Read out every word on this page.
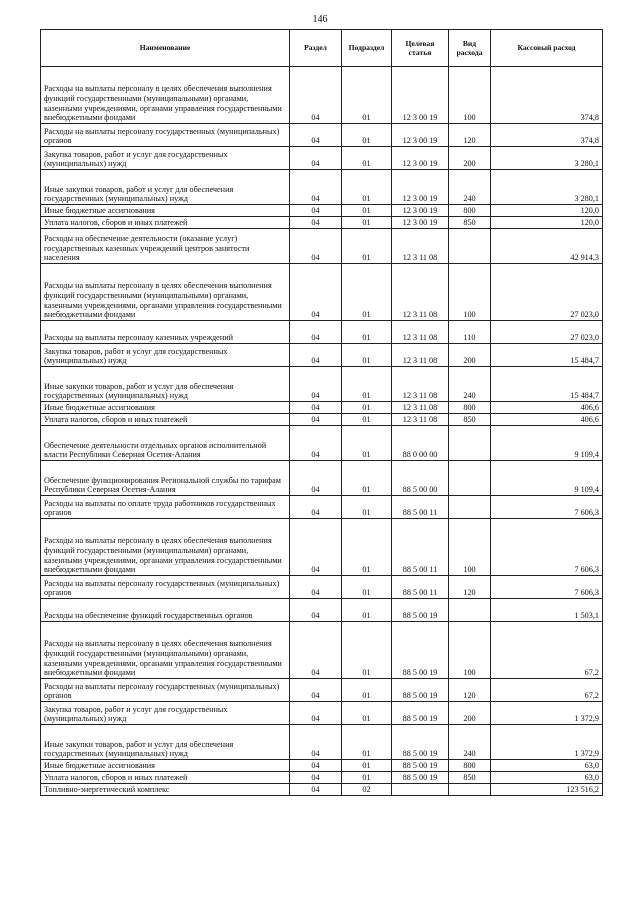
146
Наименование	Раздел	Подраздел	Целевая статья	Вид расхода	Кассовый расход
Расходы на выплаты персоналу в целях обеспечения выполнения функций государственными (муниципальными) органами, казенными учреждениями, органами управления государственными внебюджетными фондами	04	01	12 3 00 19	100	374,8
Расходы на выплаты персоналу государственных (муниципальных) органов	04	01	12 3 00 19	120	374,8
Закупка товаров, работ и услуг для государственных (муниципальных) нужд	04	01	12 3 00 19	200	3 280,1
Иные закупки товаров, работ и услуг для обеспечения государственных (муниципальных) нужд	04	01	12 3 00 19	240	3 280,1
Иные бюджетные ассигнования	04	01	12 3 00 19	800	120,0
Уплата налогов, сборов и иных платежей	04	01	12 3 00 19	850	120,0
Расходы на обеспечение деятельности (оказание услуг) государственных казенных учреждений центров занятости населения	04	01	12 3 11 08		42 914,3
Расходы на выплаты персоналу в целях обеспечения выполнения функций государственными (муниципальными) органами, казенными учреждениями, органами управления государственными внебюджетными фондами	04	01	12 3 11 08	100	27 023,0
Расходы на выплаты персоналу казенных учреждений	04	01	12 3 11 08	110	27 023,0
Закупка товаров, работ и услуг для государственных (муниципальных) нужд	04	01	12 3 11 08	200	15 484,7
Иные закупки товаров, работ и услуг для обеспечения государственных (муниципальных) нужд	04	01	12 3 11 08	240	15 484,7
Иные бюджетные ассигнования	04	01	12 3 11 08	800	406,6
Уплата налогов, сборов и иных платежей	04	01	12 3 11 08	850	406,6
Обеспечение деятельности отдельных органов исполнительной власти Республики Северная Осетия-Алания	04	01	88 0 00 00		9 109,4
Обеспечение функционирования Региональной службы по тарифам Республики Северная Осетия-Алания	04	01	88 5 00 00		9 109,4
Расходы на выплаты по оплате труда работников государственных органов	04	01	88 5 00 11		7 606,3
Расходы на выплаты персоналу в целях обеспечения выполнения функций государственными (муниципальными) органами, казенными учреждениями, органами управления государственными внебюджетными фондами	04	01	88 5 00 11	100	7 606,3
Расходы на выплаты персоналу государственных (муниципальных) органов	04	01	88 5 00 11	120	7 606,3
Расходы на обеспечение функций государственных органов	04	01	88 5 00 19		1 503,1
Расходы на выплаты персоналу в целях обеспечения выполнения функций государственными (муниципальными) органами, казенными учреждениями, органами управления государственными внебюджетными фондами	04	01	88 5 00 19	100	67,2
Расходы на выплаты персоналу государственных (муниципальных) органов	04	01	88 5 00 19	120	67,2
Закупка товаров, работ и услуг для государственных (муниципальных) нужд	04	01	88 5 00 19	200	1 372,9
Иные закупки товаров, работ и услуг для обеспечения государственных (муниципальных) нужд	04	01	88 5 00 19	240	1 372,9
Иные бюджетные ассигнования	04	01	88 5 00 19	800	63,0
Уплата налогов, сборов и иных платежей	04	01	88 5 00 19	850	63,0
Топливно-энергетический комплекс	04	02			123 516,2
